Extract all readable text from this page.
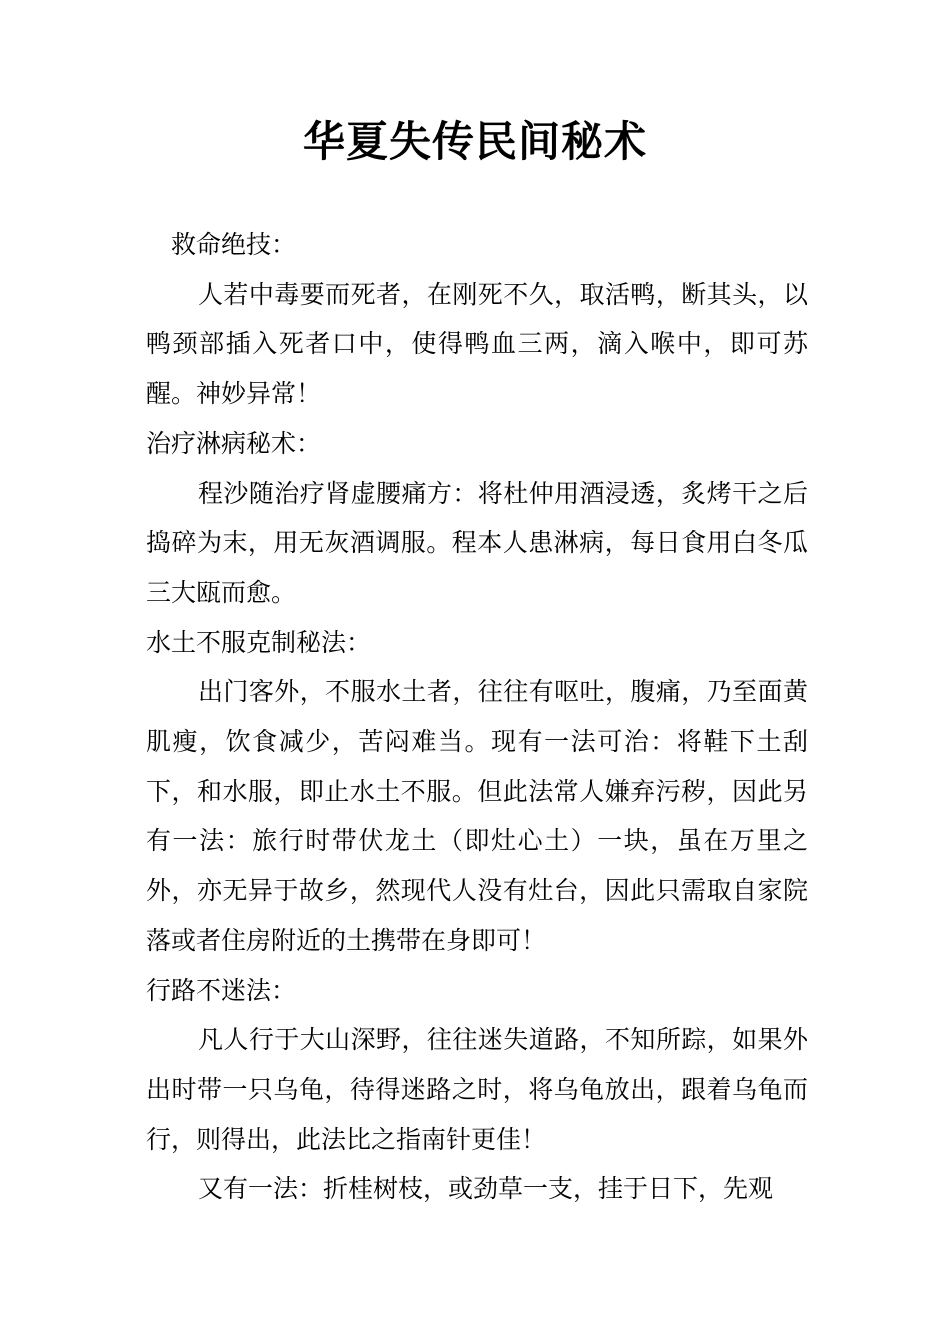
华夏失传民间秘术

救命绝技：

人若中毒要而死者，在刚死不久，取活鸭，断其头，以鸭颈部插入死者口中，使得鸭血三两，滴入喉中，即可苏醒。神妙异常！

治疗淋病秘术：

程沙随治疗肾虚腰痛方：将杜仲用酒浸透，炙烤干之后捣碎为末，用无灰酒调服。程本人患淋病，每日食用白冬瓜三大瓯而愈。

水土不服克制秘法：

出门客外，不服水土者，往往有呕吐，腹痛，乃至面黄肌瘦，饮食减少，苦闷难当。现有一法可治：将鞋下土刮下，和水服，即止水土不服。但此法常人嫌弃污秽，因此另有一法：旅行时带伏龙土（即灶心土）一块，虽在万里之外，亦无异于故乡，然现代人没有灶台，因此只需取自家院落或者住房附近的土携带在身即可！

行路不迷法：

凡人行于大山深野，往往迷失道路，不知所踪，如果外出时带一只乌龟，待得迷路之时，将乌龟放出，跟着乌龟而行，则得出，此法比之指南针更佳！

又有一法：折桂树枝，或劲草一支，挂于日下，先观
